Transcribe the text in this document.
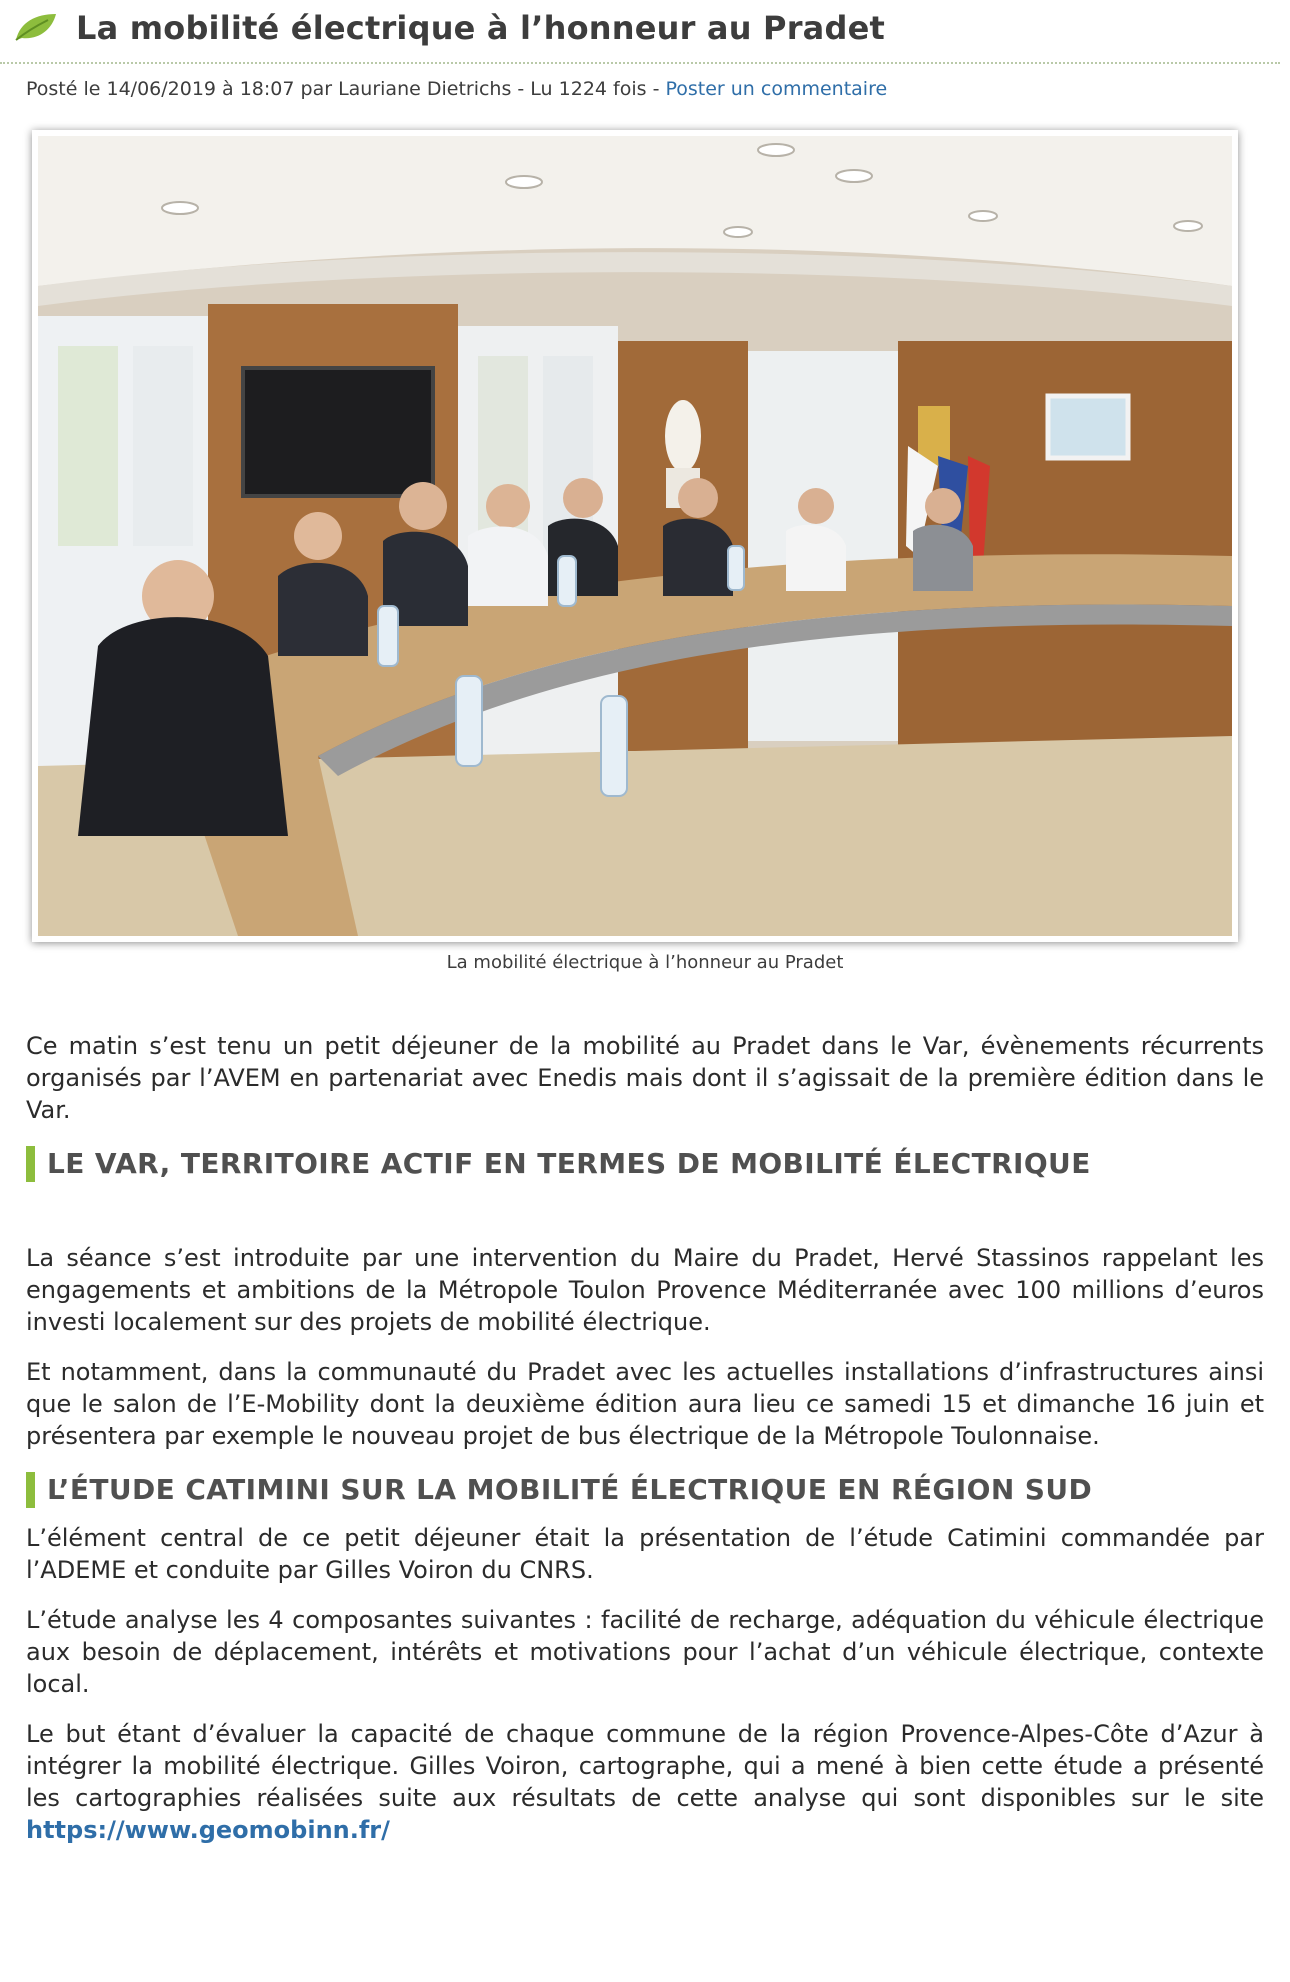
La mobilité électrique à l’honneur au Pradet
Posté le 14/06/2019 à 18:07 par Lauriane Dietrichs - Lu 1224 fois - Poster un commentaire
La mobilité électrique à l’honneur au Pradet

Ce matin s’est tenu un petit déjeuner de la mobilité au Pradet dans le Var, évènements récurrents organisés par l’AVEM en partenariat avec Enedis mais dont il s’agissait de la première édition dans le Var.

LE VAR, TERRITOIRE ACTIF EN TERMES DE MOBILITÉ ÉLECTRIQUE

La séance s’est introduite par une intervention du Maire du Pradet, Hervé Stassinos rappelant les engagements et ambitions de la Métropole Toulon Provence Méditerranée avec 100 millions d’euros investi localement sur des projets de mobilité électrique.

Et notamment, dans la communauté du Pradet avec les actuelles installations d’infrastructures ainsi que le salon de l’E-Mobility dont la deuxième édition aura lieu ce samedi 15 et dimanche 16 juin et présentera par exemple le nouveau projet de bus électrique de la Métropole Toulonnaise.

L’ÉTUDE CATIMINI SUR LA MOBILITÉ ÉLECTRIQUE EN RÉGION SUD

L’élément central de ce petit déjeuner était la présentation de l’étude Catimini commandée par l’ADEME et conduite par Gilles Voiron du CNRS.

L’étude analyse les 4 composantes suivantes : facilité de recharge, adéquation du véhicule électrique aux besoin de déplacement, intérêts et motivations pour l’achat d’un véhicule électrique, contexte local.

Le but étant d’évaluer la capacité de chaque commune de la région Provence-Alpes-Côte d’Azur à intégrer la mobilité électrique. Gilles Voiron, cartographe, qui a mené à bien cette étude a présenté les cartographies réalisées suite aux résultats de cette analyse qui sont disponibles sur le site https://www.geomobinn.fr/
